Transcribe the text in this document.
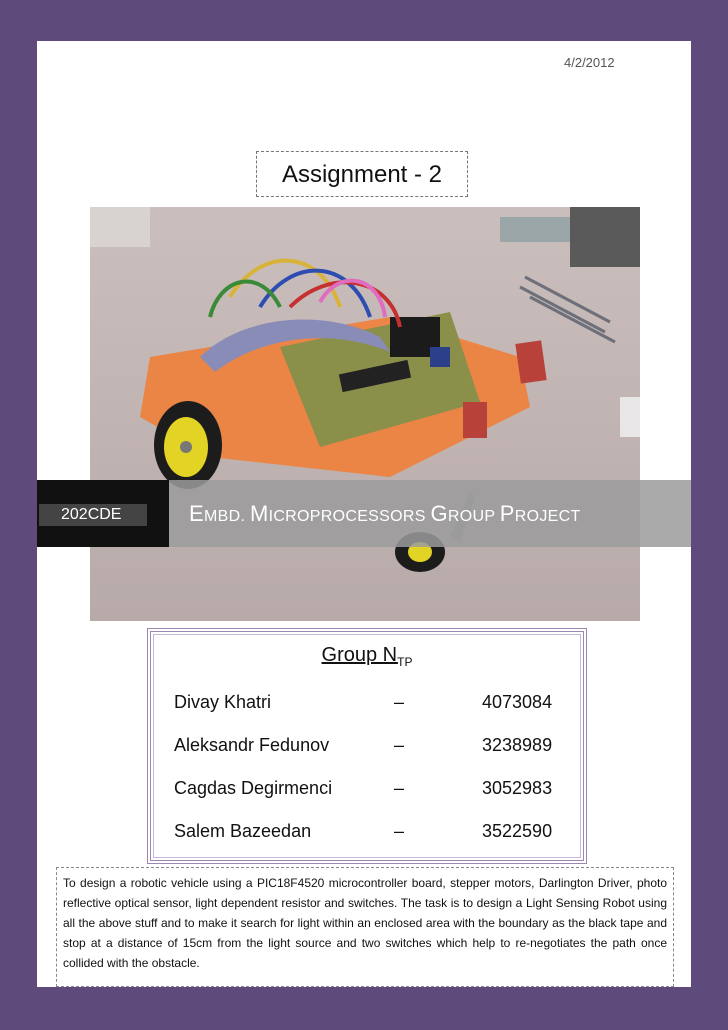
4/2/2012
Assignment - 2
202CDE	EMBD. MICROPROCESSORS GROUP PROJECT
Group $N_{TP}$
Divay Khatri	–	4073084
Aleksandr Fedunov	–	3238989
Cagdas Degirmenci	–	3052983
Salem Bazeedan	–	3522590

To design a robotic vehicle using a PIC18F4520 microcontroller board, stepper motors, Darlington Driver, photo reflective optical sensor, light dependent resistor and switches. The task is to design a Light Sensing Robot using all the above stuff and to make it search for light within an enclosed area with the boundary as the black tape and stop at a distance of 15cm from the light source and two switches which help to re-negotiates the path once collided with the obstacle.
